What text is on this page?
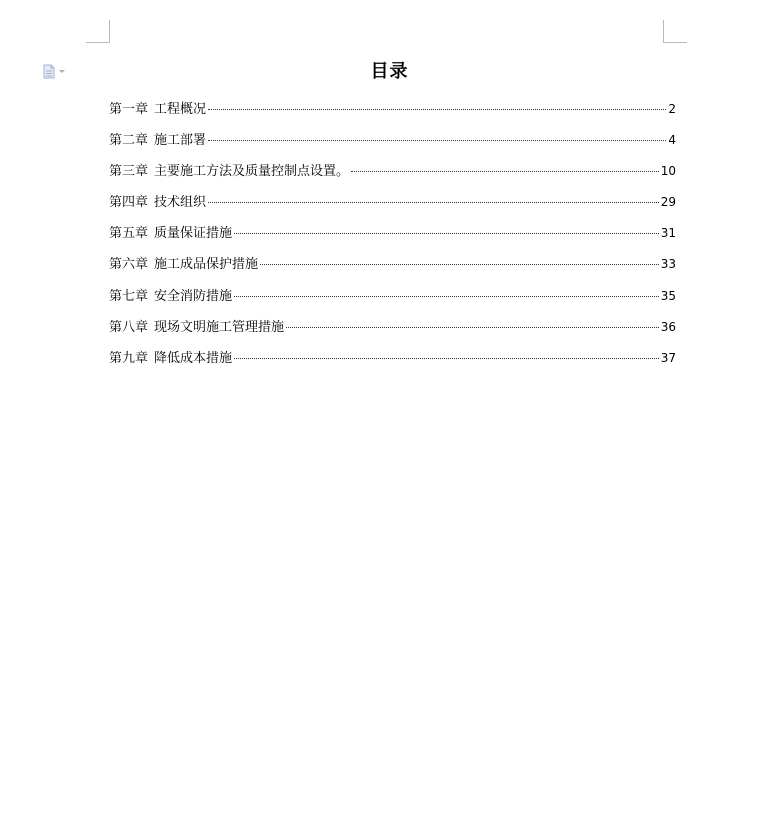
目录
第一章 工程概况	2
第二章 施工部署	4
第三章 主要施工方法及质量控制点设置。	10
第四章 技术组织	29
第五章 质量保证措施	31
第六章 施工成品保护措施	33
第七章 安全消防措施	35
第八章 现场文明施工管理措施	36
第九章 降低成本措施	37
